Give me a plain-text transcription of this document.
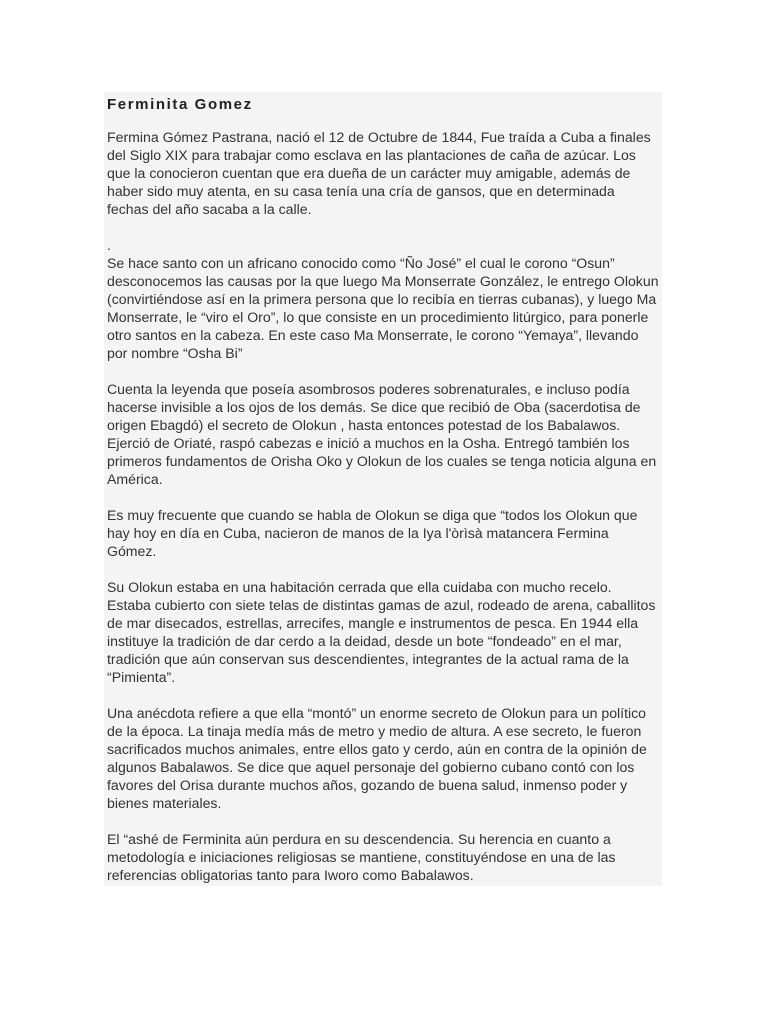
Ferminita Gomez

Fermina Gómez Pastrana, nació el 12 de Octubre de 1844, Fue traída a Cuba a finales del Siglo XIX para trabajar como esclava en las plantaciones de caña de azúcar. Los que la conocieron cuentan que era dueña de un carácter muy amigable, además de haber sido muy atenta, en su casa tenía una cría de gansos, que en determinada fechas del año sacaba a la calle.

.

Se hace santo con un africano conocido como “Ño José” el cual le corono “Osun” desconocemos las causas por la que luego Ma Monserrate González, le entrego Olokun (convirtiéndose así en la primera persona que lo recibía en tierras cubanas), y luego Ma Monserrate, le “viro el Oro”, lo que consiste en un procedimiento litúrgico, para ponerle otro santos en la cabeza. En este caso Ma Monserrate, le corono “Yemaya”, llevando por nombre “Osha Bi”

Cuenta la leyenda que poseía asombrosos poderes sobrenaturales, e incluso podía hacerse invisible a los ojos de los demás. Se dice que recibió de Oba (sacerdotisa de origen Ebagdó) el secreto de Olokun , hasta entonces potestad de los Babalawos. Ejerció de Oriaté, raspó cabezas e inició a muchos en la Osha. Entregó también los primeros fundamentos de Orisha Oko y Olokun de los cuales se tenga noticia alguna en América.

Es muy frecuente que cuando se habla de Olokun se diga que “todos los Olokun que hay hoy en día en Cuba, nacieron de manos de la Iya l'òrìsà matancera Fermina Gómez.

Su Olokun estaba en una habitación cerrada que ella cuidaba con mucho recelo. Estaba cubierto con siete telas de distintas gamas de azul, rodeado de arena, caballitos de mar disecados, estrellas, arrecifes, mangle e instrumentos de pesca. En 1944 ella instituye la tradición de dar cerdo a la deidad, desde un bote “fondeado” en el mar, tradición que aún conservan sus descendientes, integrantes de la actual rama de la “Pimienta”.

Una anécdota refiere a que ella “montó” un enorme secreto de Olokun para un político de la época. La tinaja medía más de metro y medio de altura. A ese secreto, le fueron sacrificados muchos animales, entre ellos gato y cerdo, aún en contra de la opinión de algunos Babalawos. Se dice que aquel personaje del gobierno cubano contó con los favores del Orisa durante muchos años, gozando de buena salud, inmenso poder y bienes materiales.

El “ashé de Ferminita aún perdura en su descendencia. Su herencia en cuanto a metodología e iniciaciones religiosas se mantiene, constituyéndose en una de las referencias obligatorias tanto para Iworo como Babalawos.
